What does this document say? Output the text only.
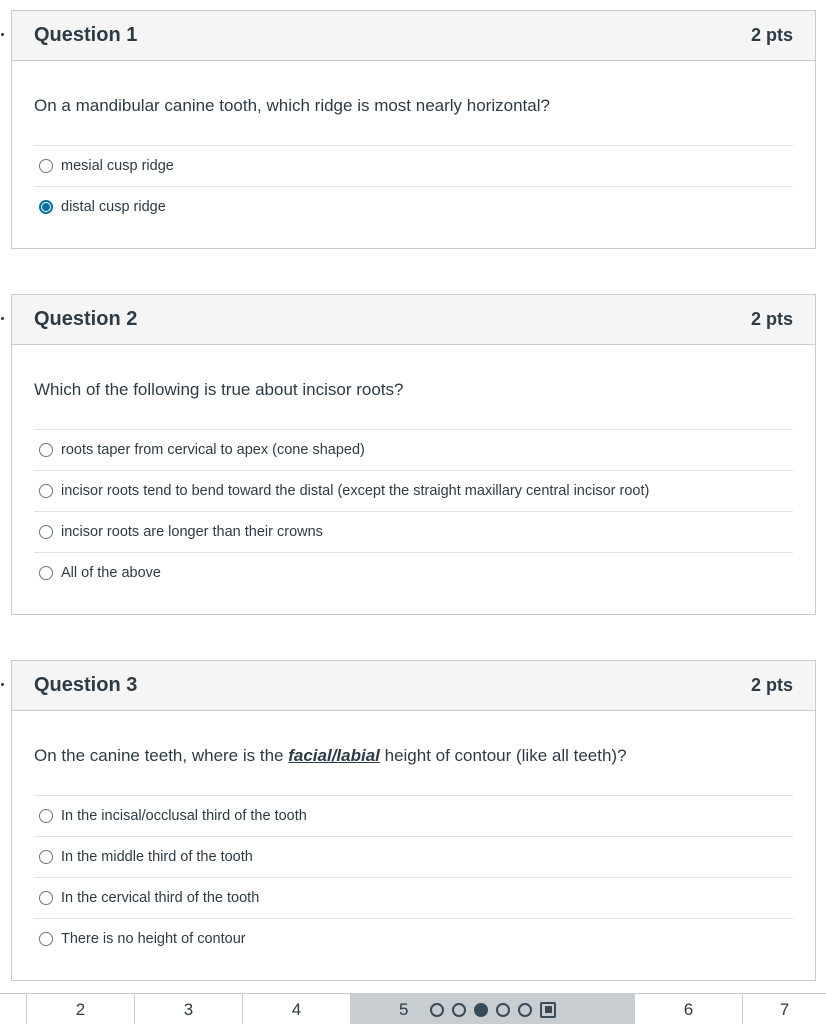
Question 1	2 pts
On a mandibular canine tooth, which ridge is most nearly horizontal?
mesial cusp ridge
distal cusp ridge
Question 2	2 pts
Which of the following is true about incisor roots?
roots taper from cervical to apex (cone shaped)
incisor roots tend to bend toward the distal (except the straight maxillary central incisor root)
incisor roots are longer than their crowns
All of the above
Question 3	2 pts
On the canine teeth, where is the facial/labial height of contour (like all teeth)?
In the incisal/occlusal third of the tooth
In the middle third of the tooth
In the cervical third of the tooth
There is no height of contour
2	3	4	5	6	7
